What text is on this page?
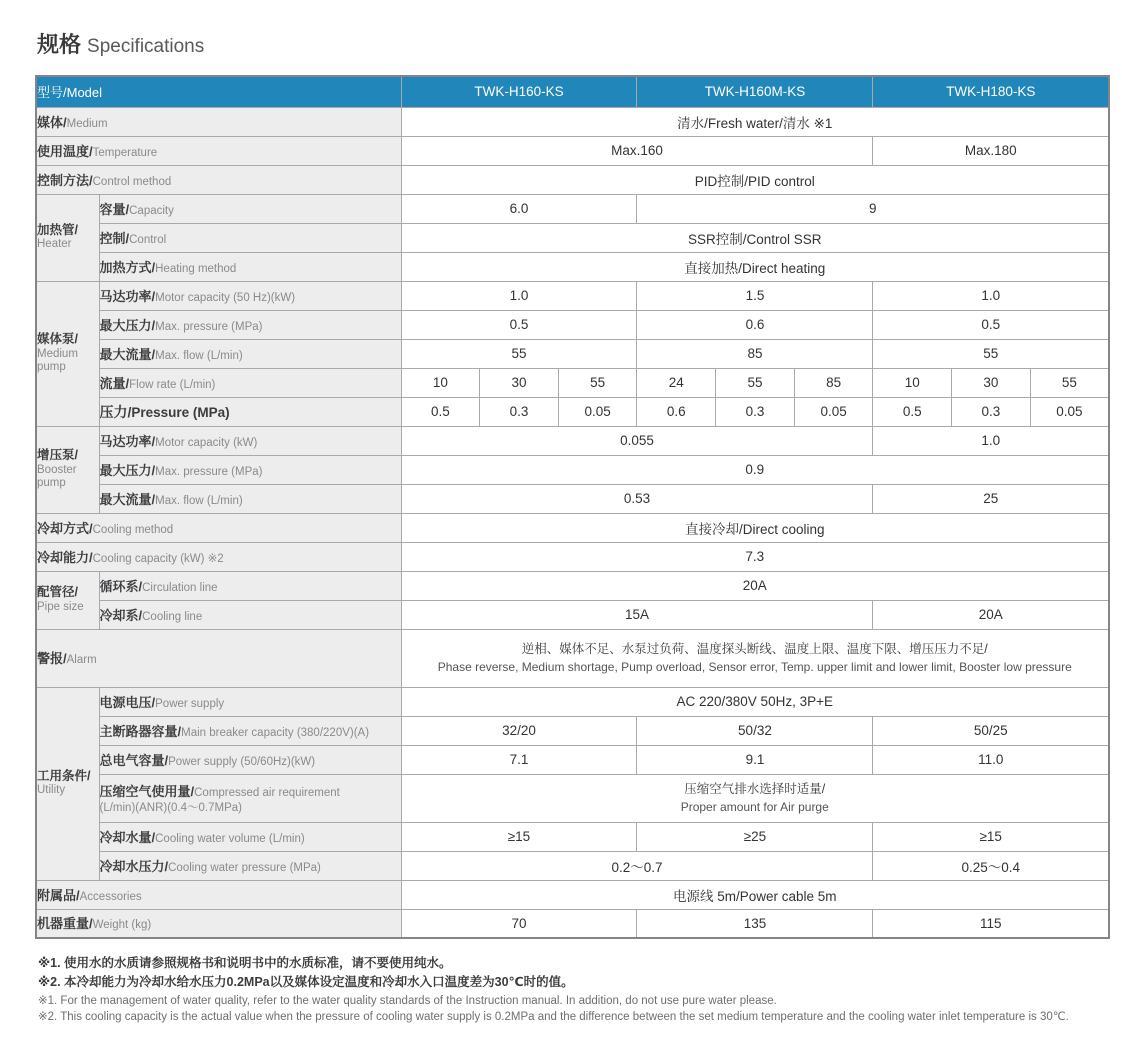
规格 Specifications
型号/Model		TWK-H160-KS			TWK-H160M-KS			TWK-H180-KS		
媒体/Medium		清水/Fresh water/清水 ※1								
使用温度/Temperature		Max.160						Max.180		
控制方法/Control method		PID控制/PID control								

加热管/
Heater	容量/Capacity	6.0			9					
	控制/Control	SSR控制/Control SSR								
	加热方式/Heating method	直接加热/Direct heating								

媒体泵/
Medium pump	马达功率/Motor capacity (50 Hz)(kW)	1.0			1.5			1.0		
	最大压力/Max. pressure (MPa)	0.5			0.6			0.5		
	最大流量/Max. flow (L/min)	55			85			55		
	流量/Flow rate (L/min)	10	30	55	24	55	85	10	30	55
	压力/Pressure (MPa)	0.5	0.3	0.05	0.6	0.3	0.05	0.5	0.3	0.05

增压泵/
Booster pump	马达功率/Motor capacity (kW)	0.055						1.0		
	最大压力/Max. pressure (MPa)	0.9								
	最大流量/Max. flow (L/min)	0.53						25		
冷却方式/Cooling method		直接冷却/Direct cooling								
冷却能力/Cooling capacity (kW) ※2		7.3								

配管径/
Pipe size	循环系/Circulation line	20A								
	冷却系/Cooling line	15A						20A		
警报/Alarm		逆相、媒体不足、水泵过负荷、温度探头断线、温度上限、温度下限、增压压力不足/
Phase reverse, Medium shortage, Pump overload, Sensor error, Temp. upper limit and lower limit, Booster low pressure								

工用条件/
Utility	电源电压/Power supply	AC 220/380V 50Hz, 3P+E								
	主断路器容量/Main breaker capacity (380/220V)(A)	32/20			50/32			50/25		
	总电气容量/Power supply (50/60Hz)(kW)	7.1			9.1			11.0		
	压缩空气使用量/Compressed air requirement
(L/min)(ANR)(0.4～0.7MPa)	压缩空气排水选择时适量/
Proper amount for Air purge								

	冷却水量/Cooling water volume (L/min)	≥15			≥25			≥15		
	冷却水压力/Cooling water pressure (MPa)	0.2～0.7						0.25～0.4		
附属品/Accessories		电源线 5m/Power cable 5m								
机器重量/Weight (kg)		70			135			115		
※1. 使用水的水质请参照规格书和说明书中的水质标准，请不要使用纯水。
※2. 本冷却能力为冷却水给水压力0.2MPa以及媒体设定温度和冷却水入口温度差为30℃时的值。
※1. For the management of water quality, refer to the water quality standards of the Instruction manual. In addition, do not use pure water please.
※2. This cooling capacity is the actual value when the pressure of cooling water supply is 0.2MPa and the difference between the set medium temperature and the cooling water inlet temperature is 30℃.
